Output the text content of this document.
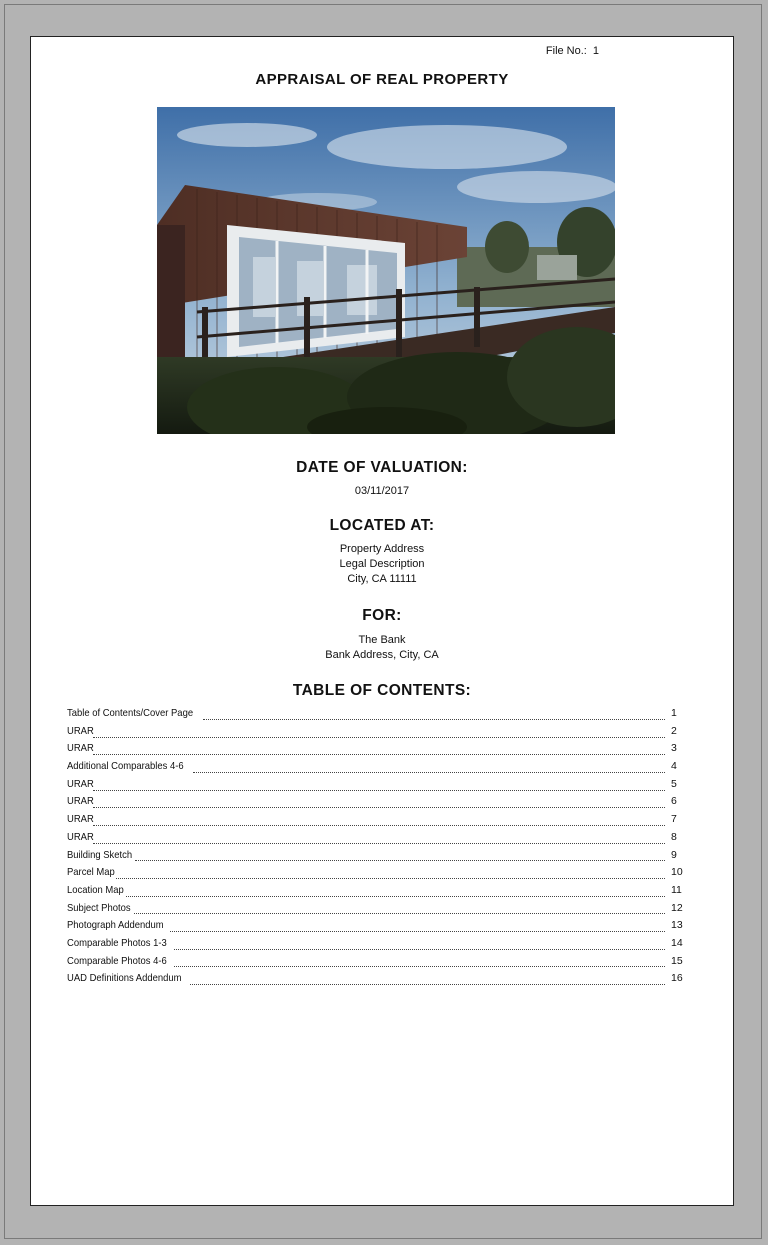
File No.: 1
APPRAISAL OF REAL PROPERTY
DATE OF VALUATION:
03/11/2017
LOCATED AT:
Property Address
Legal Description
City, CA 11111
FOR:
The Bank
Bank Address, City, CA
TABLE OF CONTENTS:
Table of Contents/Cover Page	1
URAR	2
URAR	3
Additional Comparables 4-6	4
URAR	5
URAR	6
URAR	7
URAR	8
Building Sketch	9
Parcel Map	10
Location Map	11
Subject Photos	12
Photograph Addendum	13
Comparable Photos 1-3	14
Comparable Photos 4-6	15
UAD Definitions Addendum	16
